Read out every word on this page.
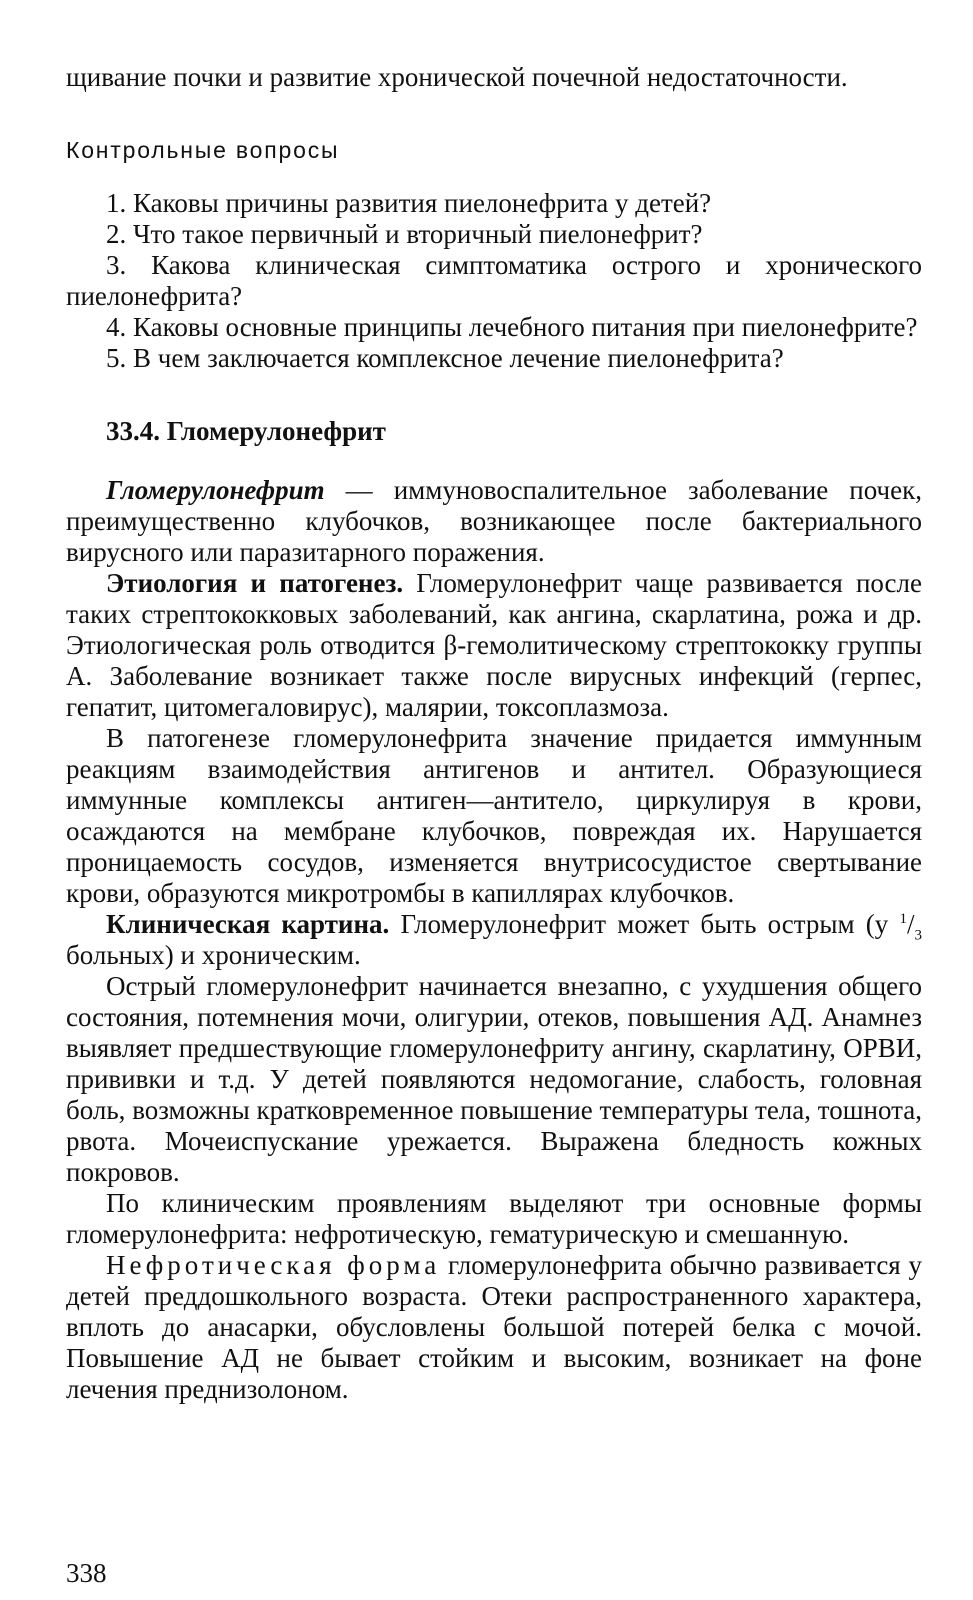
щивание почки и развитие хронической почечной недостаточности.

Контрольные вопросы

1. Каковы причины развития пиелонефрита у детей?

2. Что такое первичный и вторичный пиелонефрит?

3. Какова клиническая симптоматика острого и хронического пиелонефрита?

4. Каковы основные принципы лечебного питания при пиелонефрите?

5. В чем заключается комплексное лечение пиелонефрита?

33.4. Гломерулонефрит

Гломерулонефрит — иммуновоспалительное заболевание почек, преимущественно клубочков, возникающее после бактериального вирусного или паразитарного поражения.

Этиология и патогенез. Гломерулонефрит чаще развивается после таких стрептококковых заболеваний, как ангина, скарлатина, рожа и др. Этиологическая роль отводится β-гемолитическому стрептококку группы А. Заболевание возникает также после вирусных инфекций (герпес, гепатит, цитомегаловирус), малярии, токсоплазмоза.

В патогенезе гломерулонефрита значение придается иммунным реакциям взаимодействия антигенов и антител. Образующиеся иммунные комплексы антиген—антитело, циркулируя в крови, осаждаются на мембране клубочков, повреждая их. Нарушается проницаемость сосудов, изменяется внутрисосудистое свертывание крови, образуются микротромбы в капиллярах клубочков.

Клиническая картина. Гломерулонефрит может быть острым (у $^1/_3$ больных) и хроническим.

Острый гломерулонефрит начинается внезапно, с ухудшения общего состояния, потемнения мочи, олигурии, отеков, повышения АД. Анамнез выявляет предшествующие гломерулонефриту ангину, скарлатину, ОРВИ, прививки и т.д. У детей появляются недомогание, слабость, головная боль, возможны кратковременное повышение температуры тела, тошнота, рвота. Мочеиспускание урежается. Выражена бледность кожных покровов.

По клиническим проявлениям выделяют три основные формы гломерулонефрита: нефротическую, гематурическую и смешанную.

Нефротическая форма гломерулонефрита обычно развивается у детей преддошкольного возраста. Отеки распространенного характера, вплоть до анасарки, обусловлены большой потерей белка с мочой. Повышение АД не бывает стойким и высоким, возникает на фоне лечения преднизолоном.

338
